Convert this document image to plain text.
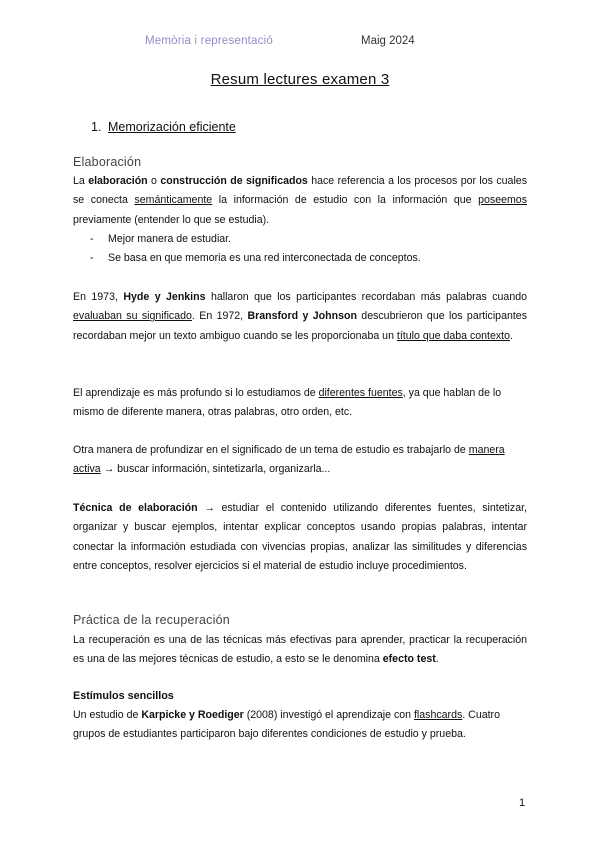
Memòria i representació	Maig 2024
Resum lectures examen 3
1. Memorización eficiente
Elaboración
La elaboración o construcción de significados hace referencia a los procesos por los cuales se conecta semánticamente la información de estudio con la información que poseemos previamente (entender lo que se estudia).
- Mejor manera de estudiar.
- Se basa en que memoria es una red interconectada de conceptos.
En 1973, Hyde y Jenkins hallaron que los participantes recordaban más palabras cuando evaluaban su significado. En 1972, Bransford y Johnson descubrieron que los participantes recordaban mejor un texto ambiguo cuando se les proporcionaba un título que daba contexto.
El aprendizaje es más profundo si lo estudiamos de diferentes fuentes, ya que hablan de lo mismo de diferente manera, otras palabras, otro orden, etc.
Otra manera de profundizar en el significado de un tema de estudio es trabajarlo de manera activa → buscar información, sintetizarla, organizarla...
Técnica de elaboración → estudiar el contenido utilizando diferentes fuentes, sintetizar, organizar y buscar ejemplos, intentar explicar conceptos usando propias palabras, intentar conectar la información estudiada con vivencias propias, analizar las similitudes y diferencias entre conceptos, resolver ejercicios si el material de estudio incluye procedimientos.
Práctica de la recuperación
La recuperación es una de las técnicas más efectivas para aprender, practicar la recuperación es una de las mejores técnicas de estudio, a esto se le denomina efecto test.
Estímulos sencillos
Un estudio de Karpicke y Roediger (2008) investigó el aprendizaje con flashcards. Cuatro grupos de estudiantes participaron bajo diferentes condiciones de estudio y prueba.
1
